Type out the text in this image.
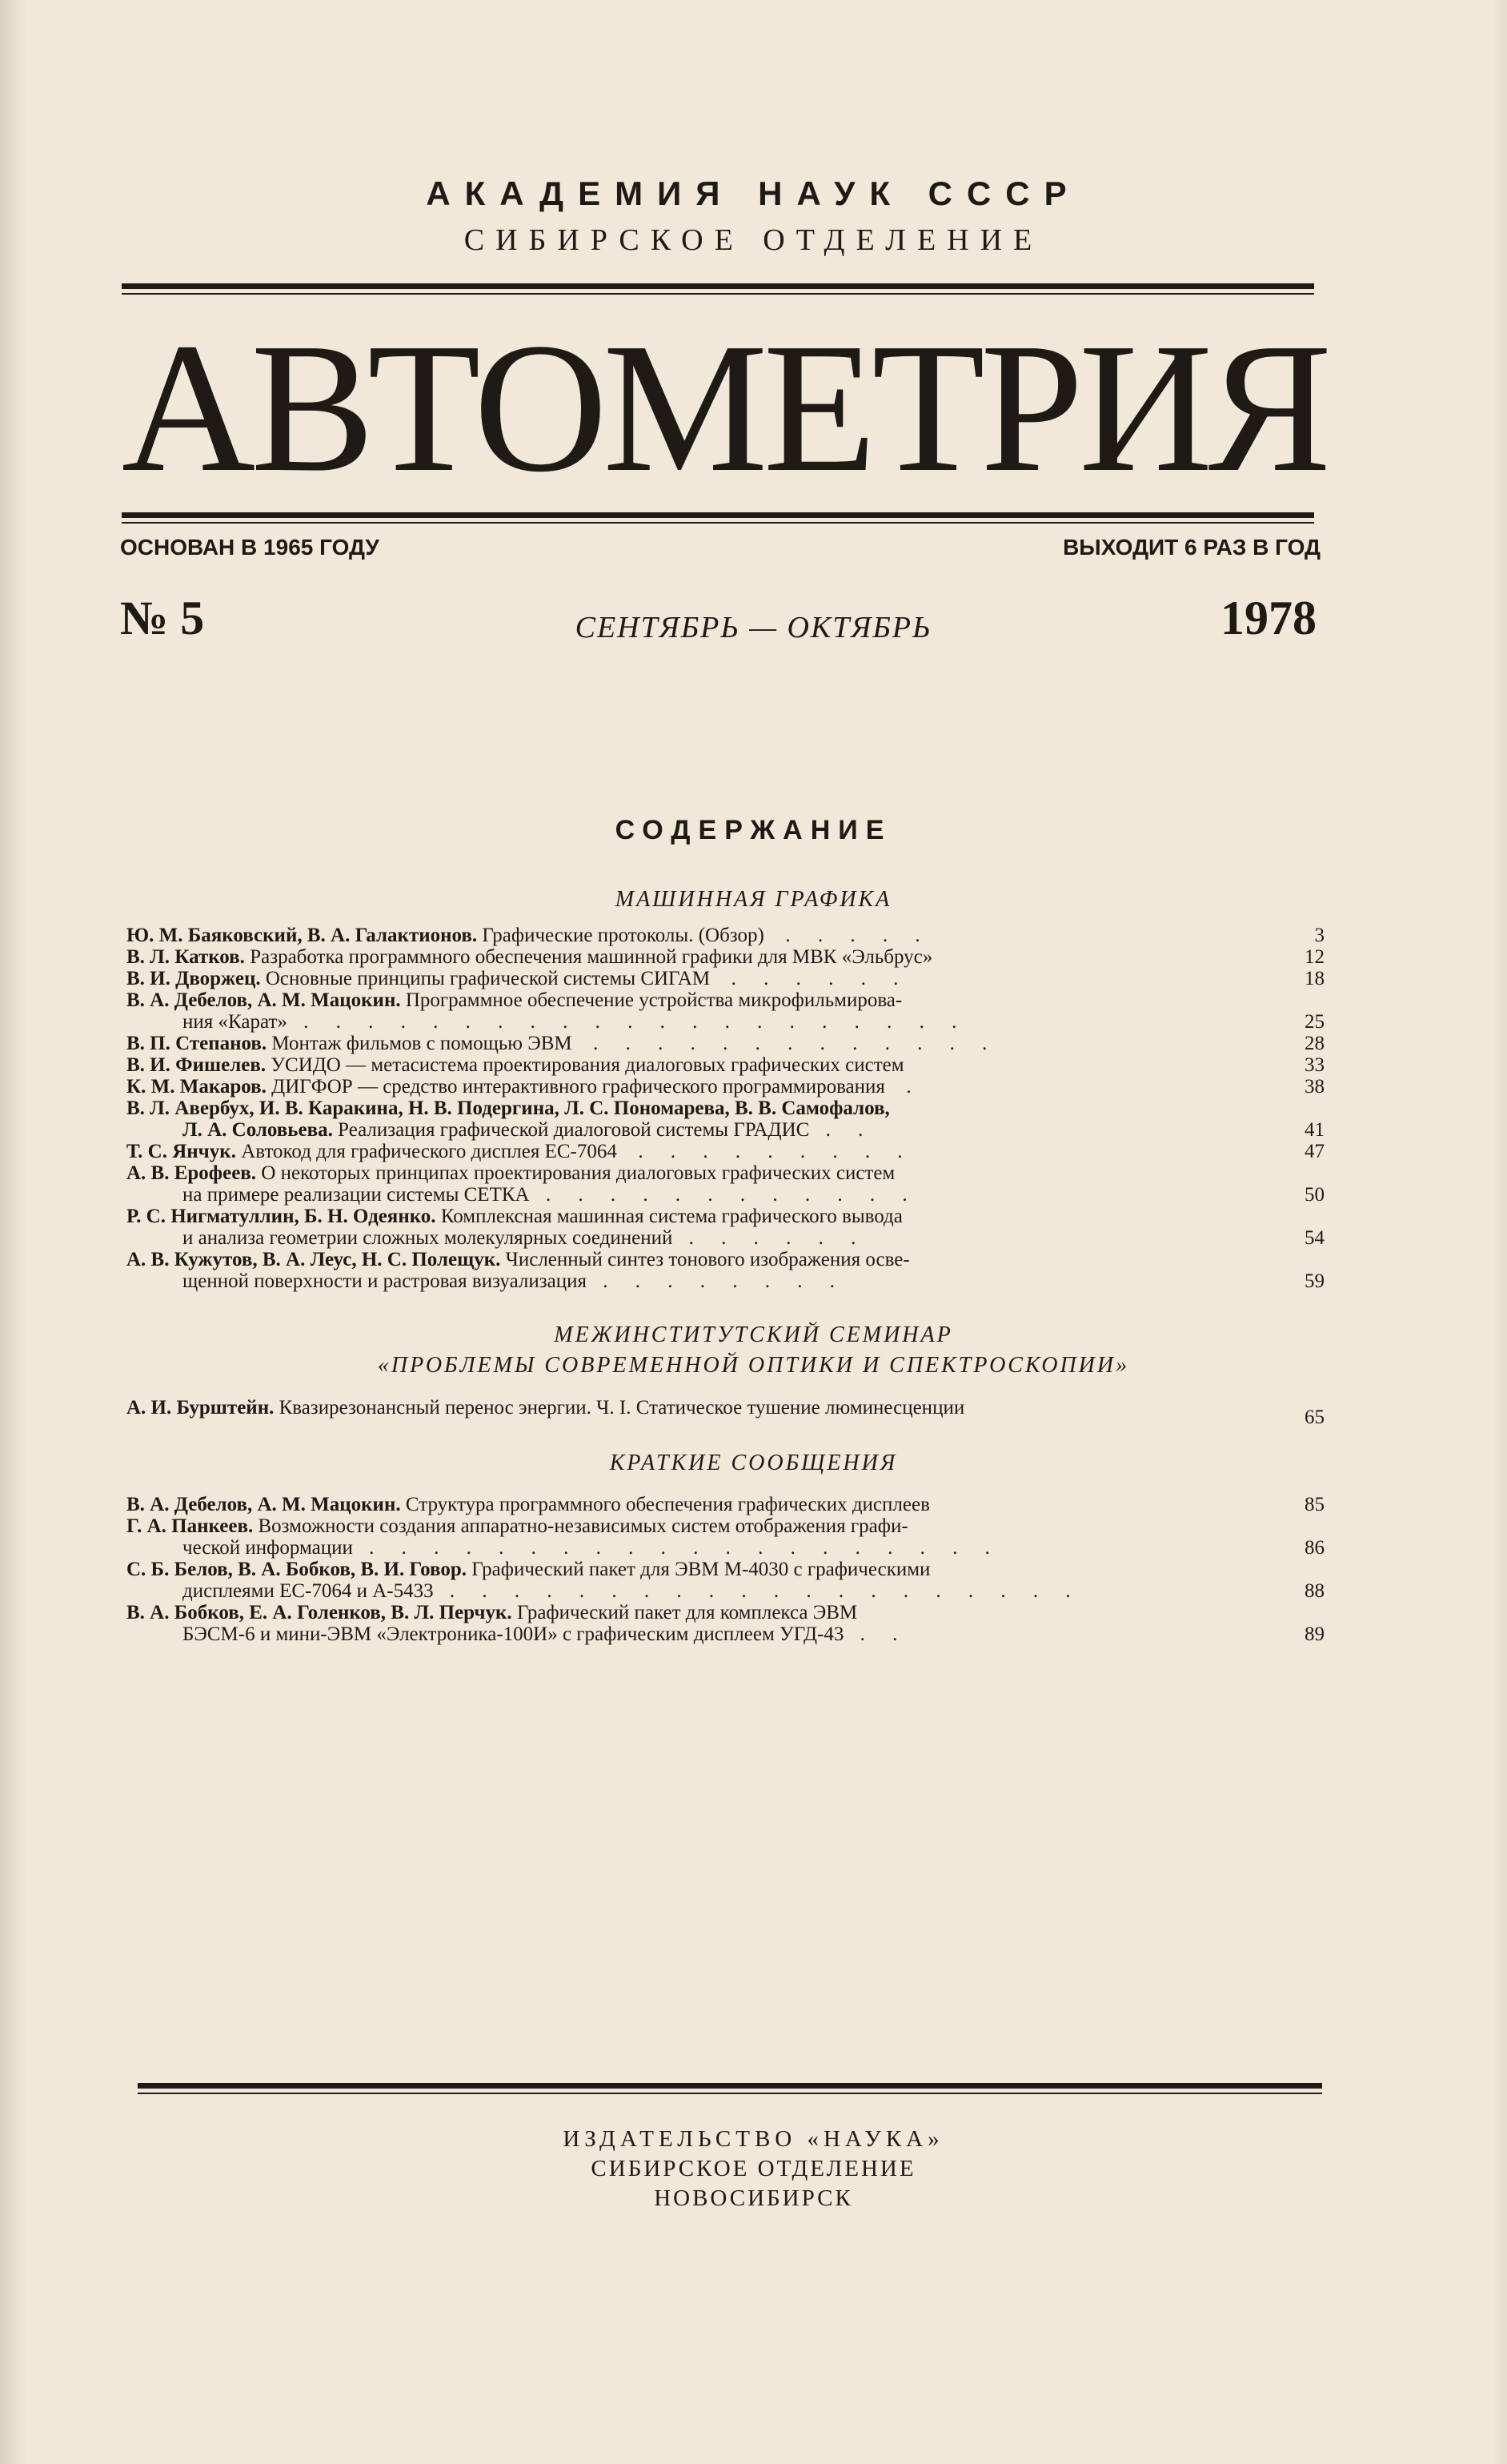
АКАДЕМИЯ НАУК СССР
СИБИРСКОЕ ОТДЕЛЕНИЕ
АВТОМЕТРИЯ
ОСНОВАН В 1965 ГОДУ	ВЫХОДИТ 6 РАЗ В ГОД
№ 5	СЕНТЯБРЬ — ОКТЯБРЬ	1978
СОДЕРЖАНИЕ
МАШИННАЯ ГРАФИКА
Ю. М. Баяковский, В. А. Галактионов. Графические протоколы. (Обзор)  . . . . .	3
В. Л. Катков. Разработка программного обеспечения машинной графики для МВК «Эльбрус»	12
В. И. Дворжец. Основные принципы графической системы СИГАМ  . . . . . .	18
В. А. Дебелов, А. М. Мацокин. Программное обеспечение устройства микрофильмирова-
ния «Карат» . . . . . . . . . . . . . . . . . . . . .	25
В. П. Степанов. Монтаж фильмов с помощью ЭВМ  . . . . . . . . . . . . .	28
В. И. Фишелев. УСИДО — метасистема проектирования диалоговых графических систем	33
К. М. Макаров. ДИГФОР — средство интерактивного графического программирования  .	38
В. Л. Авербух, И. В. Каракина, Н. В. Подергина, Л. С. Пономарева, В. В. Самофалов,
Л. А. Соловьева. Реализация графической диалоговой системы ГРАДИС . .	41
Т. С. Янчук. Автокод для графического дисплея ЕС-7064  . . . . . . . . .	47
А. В. Ерофеев. О некоторых принципах проектирования диалоговых графических систем
на примере реализации системы СЕТКА . . . . . . . . . . . .	50
Р. С. Нигматуллин, Б. Н. Одеянко. Комплексная машинная система графического вывода
и анализа геометрии сложных молекулярных соединений . . . . . .	54
А. В. Кужутов, В. А. Леус, Н. С. Полещук. Численный синтез тонового изображения осве-
щенной поверхности и растровая визуализация . . . . . . . .	59
МЕЖИНСТИТУТСКИЙ СЕМИНАР
«ПРОБЛЕМЫ СОВРЕМЕННОЙ ОПТИКИ И СПЕКТРОСКОПИИ»
А. И. Бурштейн. Квазирезонансный перенос энергии. Ч. I. Статическое тушение люминесценции	65
КРАТКИЕ СООБЩЕНИЯ
В. А. Дебелов, А. М. Мацокин. Структура программного обеспечения графических дисплеев	85
Г. А. Панкеев. Возможности создания аппаратно-независимых систем отображения графи-
ческой информации . . . . . . . . . . . . . . . . . . . .	86
С. Б. Белов, В. А. Бобков, В. И. Говор. Графический пакет для ЭВМ М-4030 с графическими
дисплеями ЕС-7064 и А-5433 . . . . . . . . . . . . . . . . . . . .	88
В. А. Бобков, Е. А. Голенков, В. Л. Перчук. Графический пакет для комплекса ЭВМ
БЭСМ-6 и мини-ЭВМ «Электроника-100И» с графическим дисплеем УГД-43 . .	89
ИЗДАТЕЛЬСТВО «НАУКА»
СИБИРСКОЕ ОТДЕЛЕНИЕ
НОВОСИБИРСК
